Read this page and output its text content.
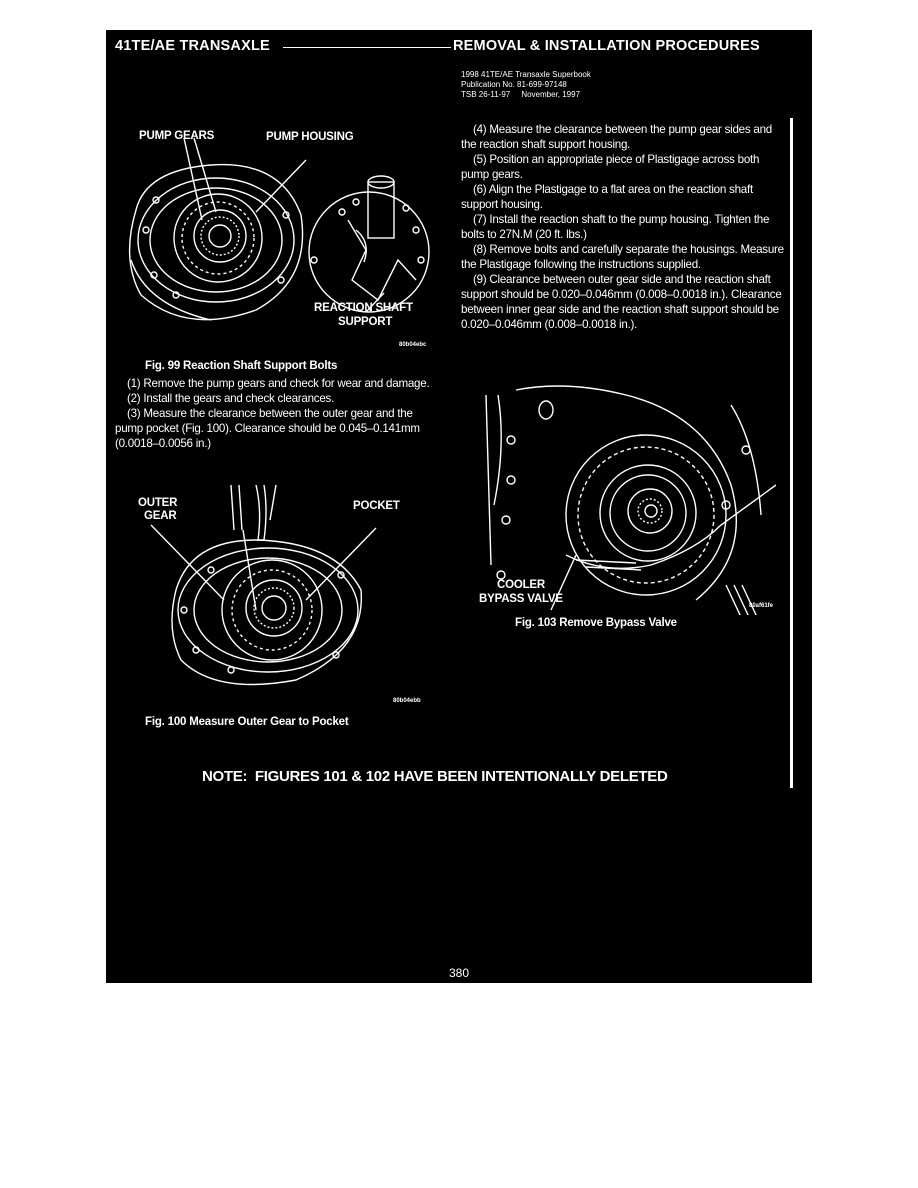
41TE/AE TRANSAXLE	REMOVAL & INSTALLATION PROCEDURES
1998 41TE/AE Transaxle Superbook
Publication No. 81-699-97148
TSB 26-11-97     November, 1997
PUMP GEARS	PUMP HOUSING
REACTION SHAFT
SUPPORT
80b04ebc
Fig. 99 Reaction Shaft Support Bolts

(1) Remove the pump gears and check for wear and damage.

(2) Install the gears and check clearances.

(3) Measure the clearance between the outer gear and the pump pocket (Fig. 100). Clearance should be 0.045–0.141mm (0.0018–0.0056 in.)

OUTER
GEAR
POCKET
80b04ebb
Fig. 100 Measure Outer Gear to Pocket

(4) Measure the clearance between the pump gear sides and the reaction shaft support housing.

(5) Position an appropriate piece of Plastigage across both pump gears.

(6) Align the Plastigage to a flat area on the reaction shaft support housing.

(7) Install the reaction shaft to the pump housing. Tighten the bolts to 27N.M (20 ft. lbs.)

(8) Remove bolts and carefully separate the housings. Measure the Plastigage following the instructions supplied.

(9) Clearance between outer gear side and the reaction shaft support should be 0.020–0.046mm (0.008–0.0018 in.). Clearance between inner gear side and the reaction shaft support should be 0.020–0.046mm (0.008–0.0018 in.).

COOLER
BYPASS VALVE
80af61fe
Fig. 103 Remove Bypass Valve
NOTE:  FIGURES 101 & 102 HAVE BEEN INTENTIONALLY DELETED
380
